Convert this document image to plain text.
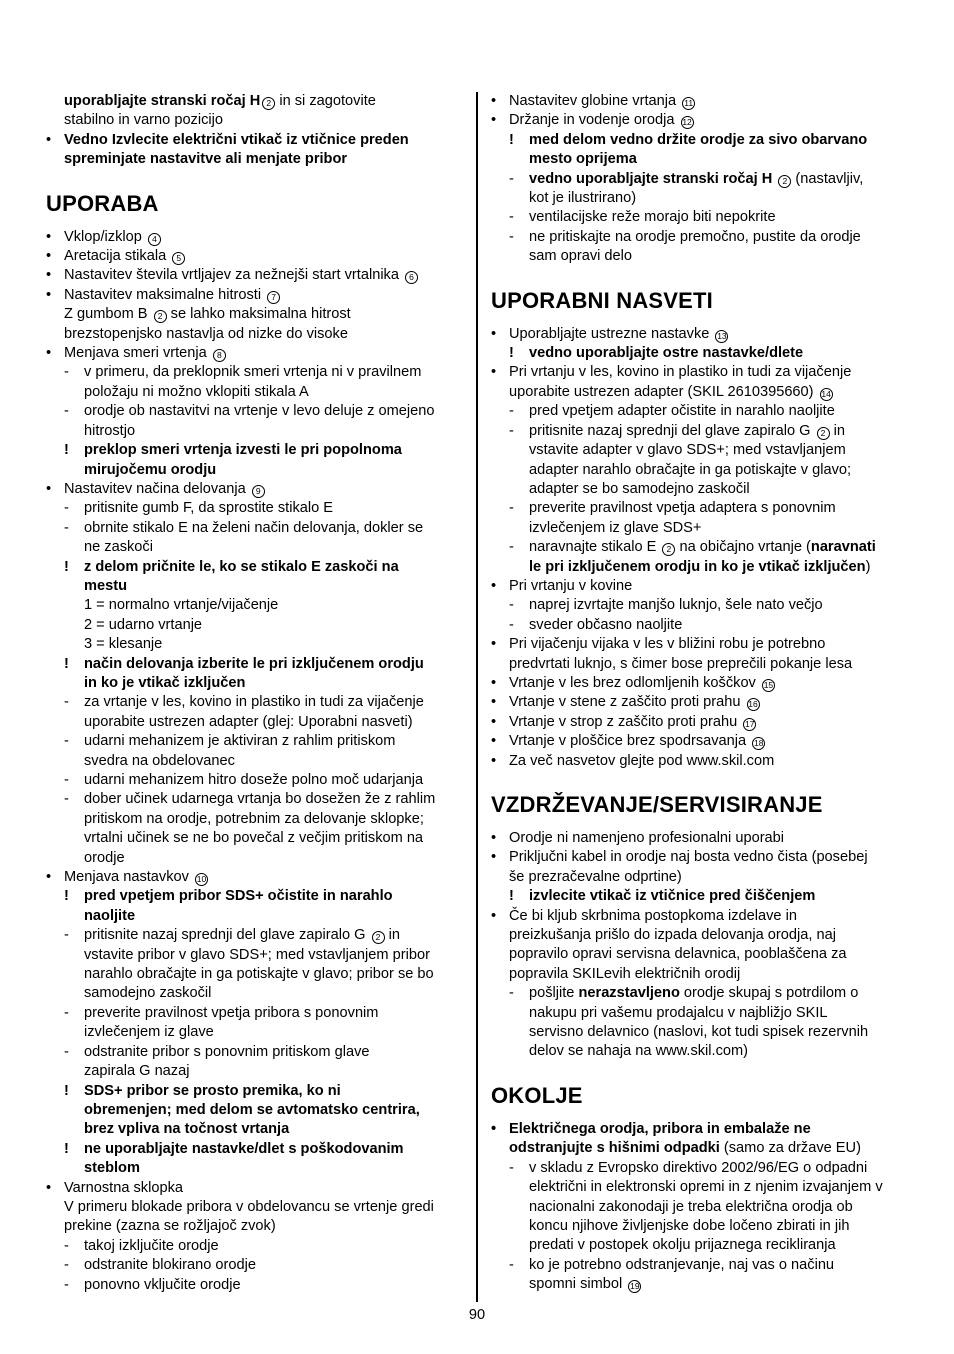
uporabljajte stranski ročaj H 2 in si zagotovite
stabilno in varno pozicijo
• Vedno Izvlecite električni vtikač iz vtičnice preden
spreminjate nastavitve ali menjate pribor
UPORABA
• Vklop/izklop 4
• Aretacija stikala 5
• Nastavitev števila vrtljajev za nežnejši start vrtalnika 6
• Nastavitev maksimalne hitrosti 7
Z gumbom B 2 se lahko maksimalna hitrost
brezstopenjsko nastavlja od nizke do visoke
• Menjava smeri vrtenja 8
- v primeru, da preklopnik smeri vrtenja ni v pravilnem
položaju ni možno vklopiti stikala A
- orodje ob nastavitvi na vrtenje v levo deluje z omejeno
hitrostjo
! preklop smeri vrtenja izvesti le pri popolnoma
mirujočemu orodju
• Nastavitev načina delovanja 9
- pritisnite gumb F, da sprostite stikalo E
- obrnite stikalo E na želeni način delovanja, dokler se
ne zaskoči
! z delom pričnite le, ko se stikalo E zaskoči na
mestu
1 = normalno vrtanje/vijačenje
2 = udarno vrtanje
3 = klesanje
! način delovanja izberite le pri izključenem orodju
in ko je vtikač izključen
- za vrtanje v les, kovino in plastiko in tudi za vijačenje
uporabite ustrezen adapter (glej: Uporabni nasveti)
- udarni mehanizem je aktiviran z rahlim pritiskom
svedra na obdelovanec
- udarni mehanizem hitro doseže polno moč udarjanja
- dober učinek udarnega vrtanja bo dosežen že z rahlim
pritiskom na orodje, potrebnim za delovanje sklopke;
vrtalni učinek se ne bo povečal z večjim pritiskom na
orodje
• Menjava nastavkov 10
! pred vpetjem pribor SDS+ očistite in narahlo
naoljite
- pritisnite nazaj sprednji del glave zapiralo G 2 in
vstavite pribor v glavo SDS+; med vstavljanjem pribor
narahlo obračajte in ga potiskajte v glavo; pribor se bo
samodejno zaskočil
- preverite pravilnost vpetja pribora s ponovnim
izvlečenjem iz glave
- odstranite pribor s ponovnim pritiskom glave
zapirala G nazaj
! SDS+ pribor se prosto premika, ko ni
obremenjen; med delom se avtomatsko centrira,
brez vpliva na točnost vrtanja
! ne uporabljajte nastavke/dlet s poškodovanim
steblom
• Varnostna sklopka
V primeru blokade pribora v obdelovancu se vrtenje gredi
prekine (zazna se rožljajoč zvok)
- takoj izključite orodje
- odstranite blokirano orodje
- ponovno vključite orodje
• Nastavitev globine vrtanja 11
• Držanje in vodenje orodja 12
! med delom vedno držite orodje za sivo obarvano
mesto oprijema
- vedno uporabljajte stranski ročaj H 2 (nastavljiv,
kot je ilustrirano)
- ventilacijske reže morajo biti nepokrite
- ne pritiskajte na orodje premočno, pustite da orodje
sam opravi delo
UPORABNI NASVETI
• Uporabljajte ustrezne nastavke 13
! vedno uporabljajte ostre nastavke/dlete
• Pri vrtanju v les, kovino in plastiko in tudi za vijačenje
uporabite ustrezen adapter (SKIL 2610395660) 14
- pred vpetjem adapter očistite in narahlo naoljite
- pritisnite nazaj sprednji del glave zapiralo G 2 in
vstavite adapter v glavo SDS+; med vstavljanjem
adapter narahlo obračajte in ga potiskajte v glavo;
adapter se bo samodejno zaskočil
- preverite pravilnost vpetja adaptera s ponovnim
izvlečenjem iz glave SDS+
- naravnajte stikalo E 2 na običajno vrtanje (naravnati
le pri izključenem orodju in ko je vtikač izključen)
• Pri vrtanju v kovine
- naprej izvrtajte manjšo luknjo, šele nato večjo
- sveder občasno naoljite
• Pri vijačenju vijaka v les v bližini robu je potrebno
predvrtati luknjo, s čimer bose preprečili pokanje lesa
• Vrtanje v les brez odlomljenih koščkov 15
• Vrtanje v stene z zaščito proti prahu 16
• Vrtanje v strop z zaščito proti prahu 17
• Vrtanje v ploščice brez spodrsavanja 18
• Za več nasvetov glejte pod www.skil.com
VZDRŽEVANJE/SERVISIRANJE
• Orodje ni namenjeno profesionalni uporabi
• Priključni kabel in orodje naj bosta vedno čista (posebej
še prezračevalne odprtine)
! izvlecite vtikač iz vtičnice pred čiščenjem
• Če bi kljub skrbnima postopkoma izdelave in
preizkušanja prišlo do izpada delovanja orodja, naj
popravilo opravi servisna delavnica, pooblaščena za
popravila SKILevih električnih orodij
- pošljite nerazstavljeno orodje skupaj s potrdilom o
nakupu pri vašemu prodajalcu v najbližjo SKIL
servisno delavnico (naslovi, kot tudi spisek rezervnih
delov se nahaja na www.skil.com)
OKOLJE
• Električnega orodja, pribora in embalaže ne
odstranjujte s hišnimi odpadki (samo za države EU)
- v skladu z Evropsko direktivo 2002/96/EG o odpadni
električni in elektronski opremi in z njenim izvajanjem v
nacionalni zakonodaji je treba električna orodja ob
koncu njihove življenjske dobe ločeno zbirati in jih
predati v postopek okolju prijaznega recikliranja
- ko je potrebno odstranjevanje, naj vas o načinu
spomni simbol 19
90
